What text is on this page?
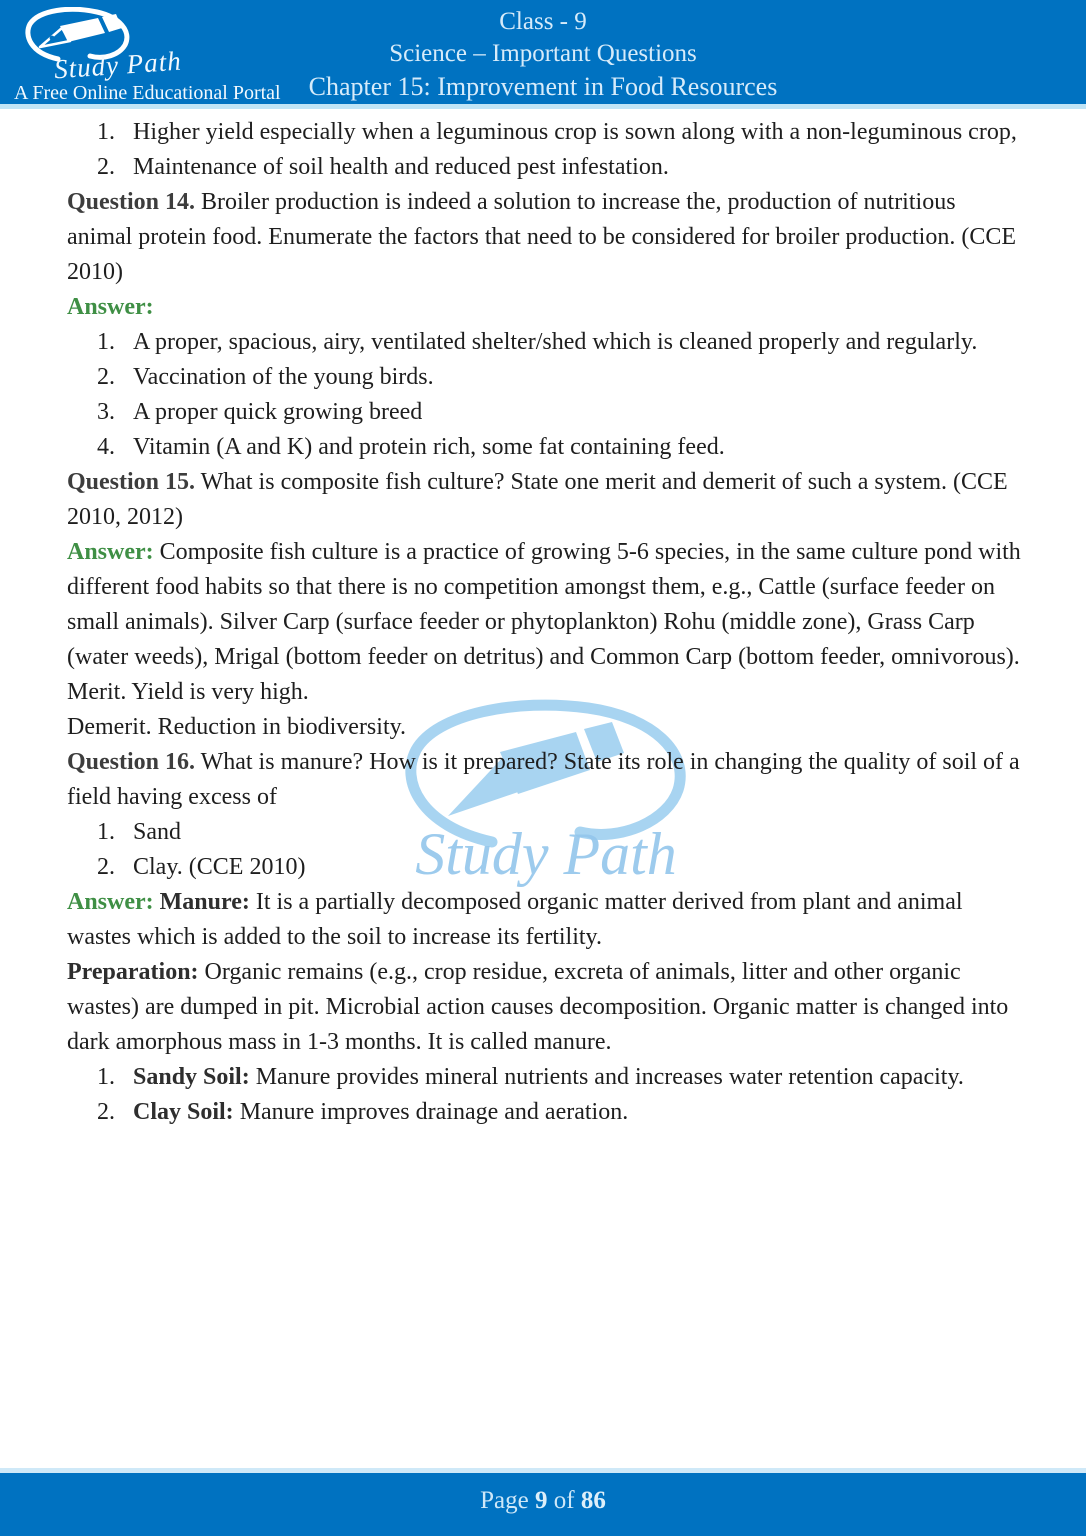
Study Path
A Free Online Educational Portal
Class - 9
Science – Important Questions
Chapter 15: Improvement in Food Resources
Study Path
1. Higher yield especially when a leguminous crop is sown along with a non-leguminous crop,
2. Maintenance of soil health and reduced pest infestation.

Question 14. Broiler production is indeed a solution to increase the, production of nutritious animal protein food. Enumerate the factors that need to be considered for broiler production. (CCE 2010)

Answer:

1. A proper, spacious, airy, ventilated shelter/shed which is cleaned properly and regularly.
2. Vaccination of the young birds.
3. A proper quick growing breed
4. Vitamin (A and K) and protein rich, some fat containing feed.

Question 15. What is composite fish culture? State one merit and demerit of such a system. (CCE 2010, 2012)

Answer: Composite fish culture is a practice of growing 5-6 species, in the same culture pond with different food habits so that there is no competition amongst them, e.g., Cattle (surface feeder on small animals). Silver Carp (surface feeder or phytoplankton) Rohu (middle zone), Grass Carp (water weeds), Mrigal (bottom feeder on detritus) and Common Carp (bottom feeder, omnivorous).

Merit. Yield is very high.

Demerit. Reduction in biodiversity.

Question 16. What is manure? How is it prepared? State its role in changing the quality of soil of a field having excess of

1. Sand
2. Clay. (CCE 2010)

Answer: Manure: It is a partially decomposed organic matter derived from plant and animal wastes which is added to the soil to increase its fertility.

Preparation: Organic remains (e.g., crop residue, excreta of animals, litter and other organic wastes) are dumped in pit. Microbial action causes decomposition. Organic matter is changed into dark amorphous mass in 1-3 months. It is called manure.

1. Sandy Soil: Manure provides mineral nutrients and increases water retention capacity.
2. Clay Soil: Manure improves drainage and aeration.
Page 9 of 86
